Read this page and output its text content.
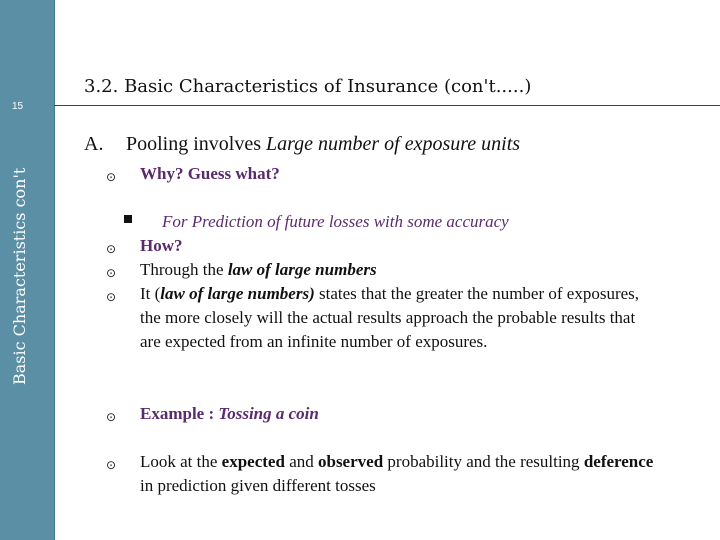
15
Basic Characteristics con't
3.2. Basic Characteristics of Insurance (con't.....)
A. Pooling involves Large number of exposure units
⊙ Why? Guess what?
For Prediction of future losses with some accuracy
⊙ How?
⊙ Through the law of large numbers
⊙ It (law of large numbers) states that the greater the number of exposures, the more closely will the actual results approach the probable results that are expected from an infinite number of exposures.
⊙ Example : Tossing a coin
⊙ Look at the expected and observed probability and the resulting deference in prediction given different tosses
